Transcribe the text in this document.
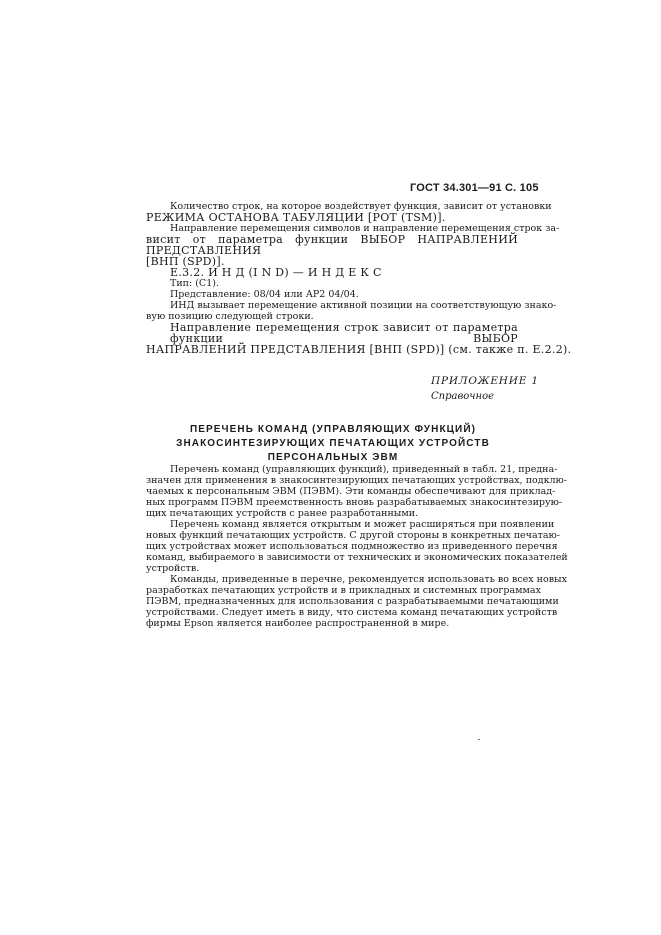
ГОСТ 34.301—91 С. 105
Количество строк, на которое воздействует функция, зависит от установки
РЕЖИМА ОСТАНОВА ТАБУЛЯЦИИ [РОТ (TSM)].
Направление перемещения символов и направление перемещения строк за-
висит от параметра функции ВЫБОР НАПРАВЛЕНИЙ ПРЕДСТАВЛЕНИЯ
[ВНП (SPD)].
Е.3.2. И Н Д (I N D) — И Н Д Е К С
Тип: (С1).
Представление: 08/04 или АР2 04/04.
ИНД вызывает перемещение активной позиции на соответствующую знако-
вую позицию следующей строки.
Направление перемещения строк зависит от параметра функции ВЫБОР
НАПРАВЛЕНИЙ ПРЕДСТАВЛЕНИЯ [ВНП (SPD)] (см. также п. Е.2.2).
ПРИЛОЖЕНИЕ 1
Справочное
ПЕРЕЧЕНЬ КОМАНД (УПРАВЛЯЮЩИХ ФУНКЦИЙ)
ЗНАКОСИНТЕЗИРУЮЩИХ ПЕЧАТАЮЩИХ УСТРОЙСТВ
ПЕРСОНАЛЬНЫХ ЭВМ
Перечень команд (управляющих функций), приведенный в табл. 21, предна-
значен для применения в знакосинтезирующих печатающих устройствах, подклю-
чаемых к персональным ЭВМ (ПЭВМ). Эти команды обеспечивают для приклад-
ных программ ПЭВМ преемственность вновь разрабатываемых знакосинтезирую-
щих печатающих устройств с ранее разработанными.
Перечень команд является открытым и может расширяться при появлении
новых функций печатающих устройств. С другой стороны в конкретных печатаю-
щих устройствах может использоваться подмножество из приведенного перечня
команд, выбираемого в зависимости от технических и экономических показателей
устройств.
Команды, приведенные в перечне, рекомендуется использовать во всех новых
разработках печатающих устройств и в прикладных и системных программах
ПЭВМ, предназначенных для использования с разрабатываемыми печатающими
устройствами. Следует иметь в виду, что система команд печатающих устройств
фирмы Epson является наиболее распространенной в мире.
